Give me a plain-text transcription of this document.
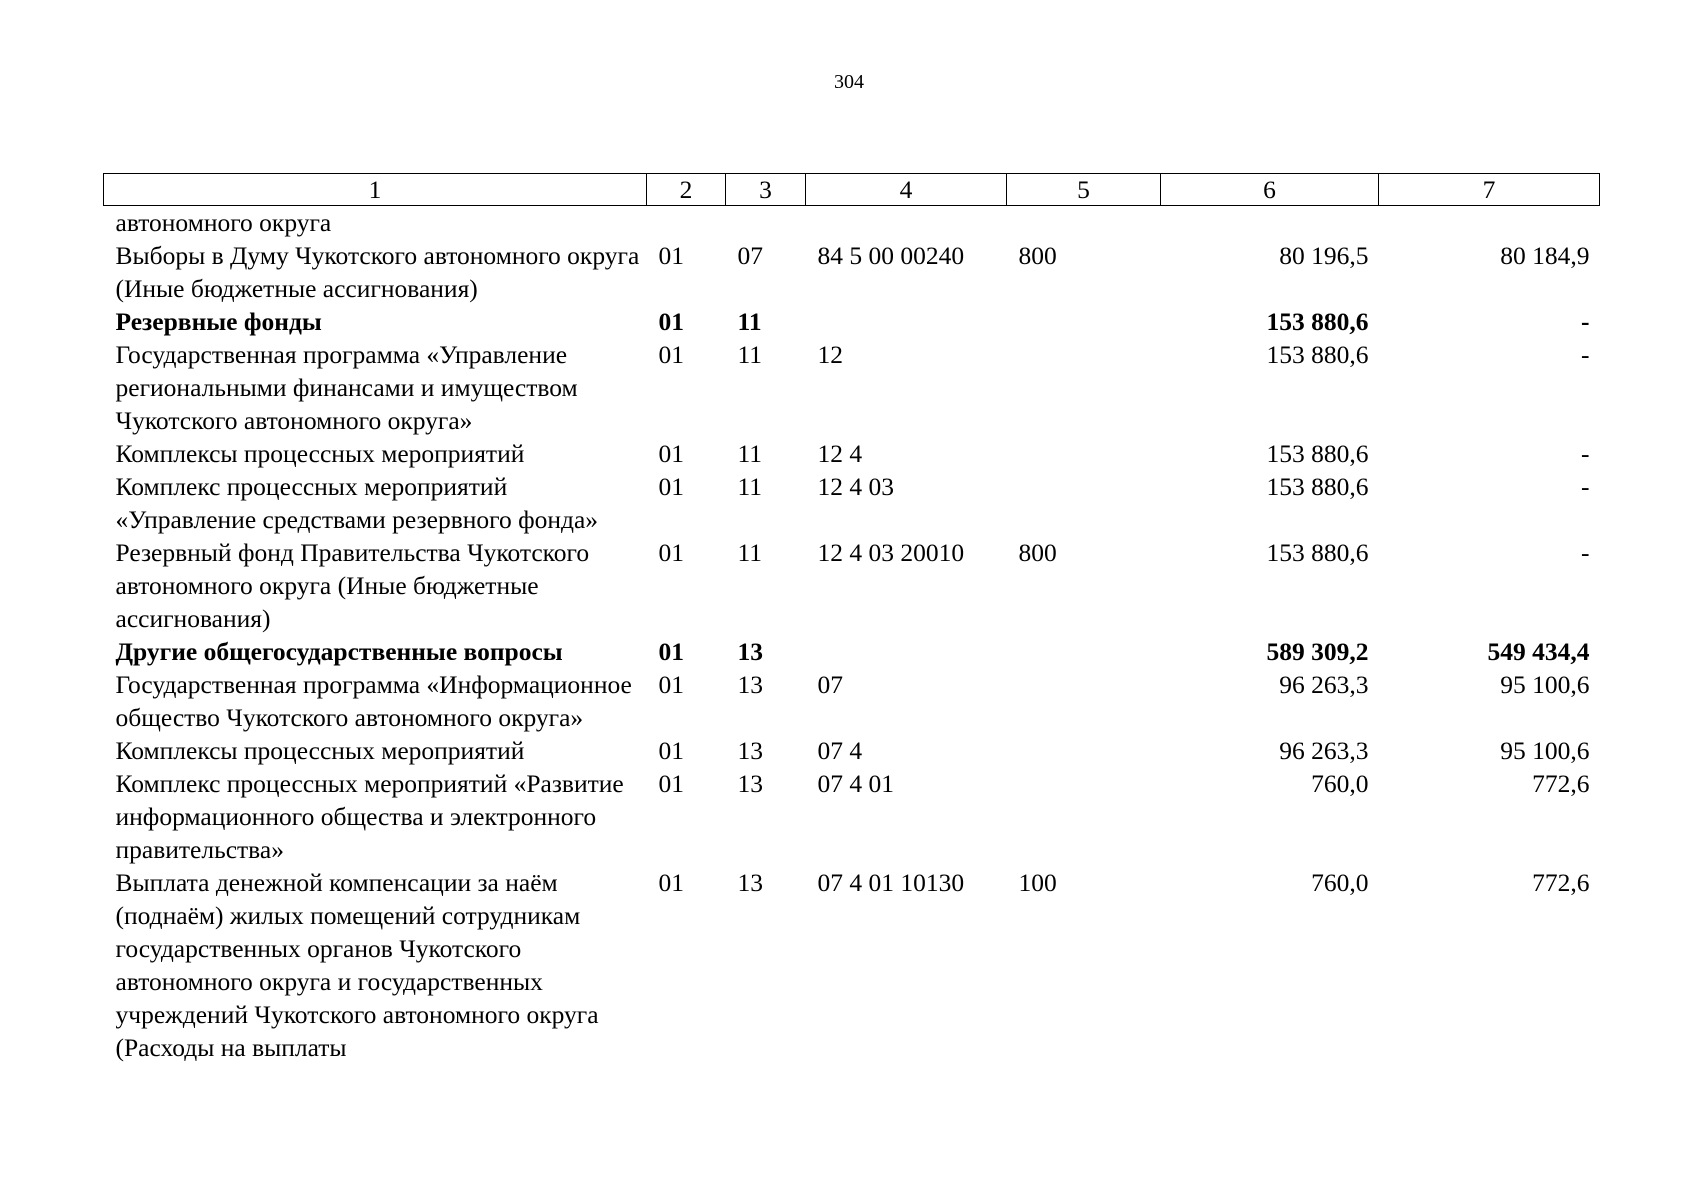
304
1	2	3	4	5	6	7
автономного округа						
Выборы в Думу Чукотского автономного округа (Иные бюджетные ассигнования)	01	07	84 5 00 00240	800	80 196,5	80 184,9
Резервные фонды	01	11			153 880,6	-
Государственная программа «Управление региональными финансами и имуществом Чукотского автономного округа»	01	11	12		153 880,6	-
Комплексы процессных мероприятий	01	11	12 4		153 880,6	-
Комплекс процессных мероприятий «Управление средствами резервного фонда»	01	11	12 4 03		153 880,6	-
Резервный фонд Правительства Чукотского автономного округа (Иные бюджетные ассигнования)	01	11	12 4 03 20010	800	153 880,6	-
Другие общегосударственные вопросы	01	13			589 309,2	549 434,4
Государственная программа «Информационное общество Чукотского автономного округа»	01	13	07		96 263,3	95 100,6
Комплексы процессных мероприятий	01	13	07 4		96 263,3	95 100,6
Комплекс процессных мероприятий «Развитие информационного общества и электронного правительства»	01	13	07 4 01		760,0	772,6
Выплата денежной компенсации за наём (поднаём) жилых помещений сотрудникам государственных органов Чукотского автономного округа и государственных учреждений Чукотского автономного округа (Расходы на выплаты	01	13	07 4 01 10130	100	760,0	772,6
